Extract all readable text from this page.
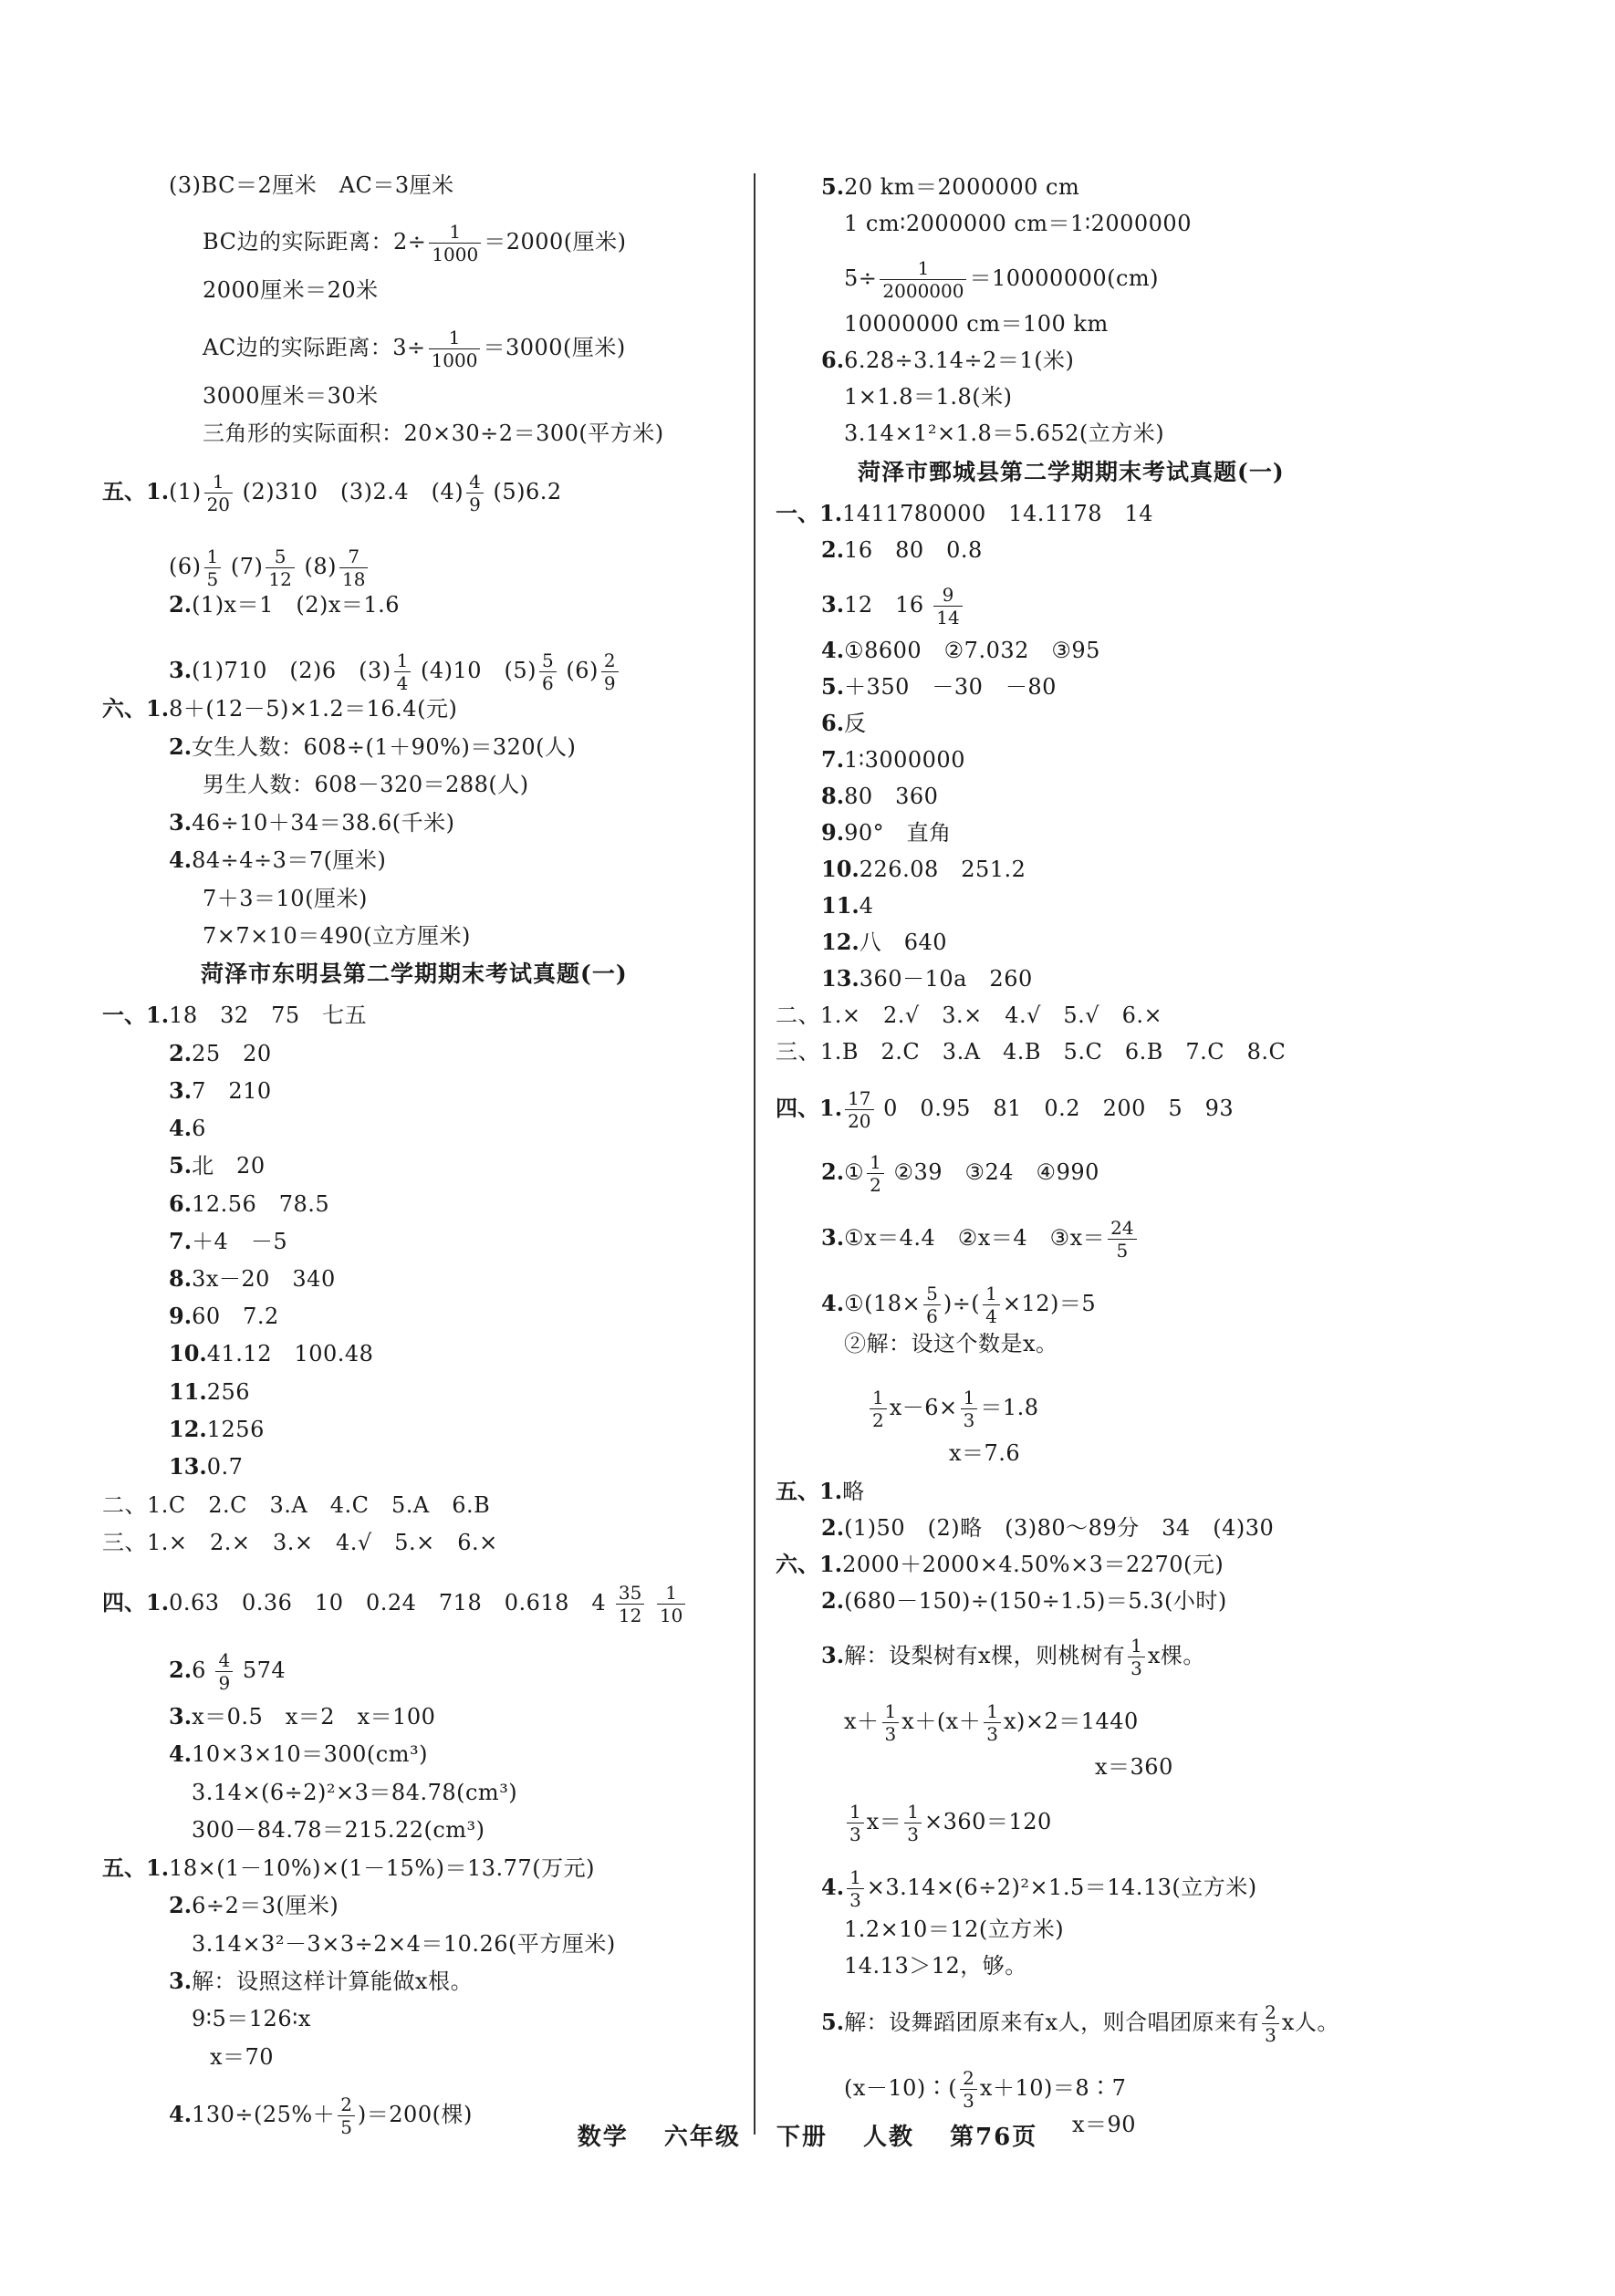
(3)BC＝2厘米　AC＝3厘米
BC边的实际距离：$2\div \frac{1}{1000} =2000$(厘米)
2000厘米＝20米
AC边的实际距离：$3\div \frac{1}{1000} =3000$(厘米)
3000厘米＝30米
三角形的实际面积：20×30÷2＝300(平方米)
五、$1.(1) \frac{1}{20} (2)310$　(3)2.4　$(4) \frac{4}{9} (5)6.2$
$(6) \frac{1}{5} (7) \frac{5}{12} (8) \frac{7}{18}$
2.(1)x＝1　(2)x＝1.6
3.(1)710　(2)6　$(3) \frac{1}{4} (4)10$　$(5) \frac{5}{6} (6) \frac{2}{9}$
六、1.8＋(12－5)×1.2＝16.4(元)
2.女生人数：608÷(1＋90%)＝320(人)
男生人数：608－320＝288(人)
3.46÷10＋34＝38.6(千米)
4.84÷4÷3＝7(厘米)
7＋3＝10(厘米)
7×7×10＝490(立方厘米)
菏泽市东明县第二学期期末考试真题(一)
一、1.18　32　75　七五
2.25　20
3.7　210
4.6
5.北　20
6.12.56　78.5
7.＋4　－5
8.3x－20　340
9.60　7.2
10.41.12　100.48
11.256
12.1256
13.0.7
二、1.C　2.C　3.A　4.C　5.A　6.B
三、1.×　2.×　3.×　4.√　5.×　6.×
四、1.0.63　0.36　10　0.24　718　0.618　$4 \frac{35}{12}$
$\frac{1}{10}$
$2.6 \frac{4}{9} 574$
3.x＝0.5　x＝2　x＝100
4.10×3×10＝300(cm³)
3.14×(6÷2)²×3＝84.78(cm³)
300－84.78＝215.22(cm³)
五、1.18×(1－10%)×(1－15%)＝13.77(万元)
2.6÷2＝3(厘米)
3.14×3²－3×3÷2×4＝10.26(平方厘米)
3.解：设照这样计算能做x根。
9∶5＝126∶x
x＝70
$4.130\div(25\%+ \frac{2}{5} )=200$(棵)
5.20 km＝2000000 cm
1 cm∶2000000 cm＝1∶2000000
$5\div \frac{1}{2000000} =10000000(cm)$
10000000 cm＝100 km
6.6.28÷3.14÷2＝1(米)
1×1.8＝1.8(米)
3.14×1²×1.8＝5.652(立方米)
菏泽市鄄城县第二学期期末考试真题(一)
一、1.1411780000　14.1178　14
2.16　80　0.8
3.12　$16 \frac{9}{14}$
4.①8600　②7.032　③95
5.＋350　－30　－80
6.反
7.1∶3000000
8.80　360
9.90°　直角
10.226.08　251.2
11.4
12.八　640
13.360－10a　260
二、1.×　2.√　3.×　4.√　5.√　6.×
三、1.B　2.C　3.A　4.B　5.C　6.B　7.C　8.C
四、1. $\frac{17}{20} 0$　0.95　81　0.2　200　5　93
2.① $\frac{1}{2}$ ②39　③24　④990
3.①x＝4.4　②x＝4　③x＝ $\frac{24}{5}$
4.①(18× $\frac{5}{6}$ )÷( $\frac{1}{4} \times 12)=5$
②解：设这个数是x。
$\frac{1}{2} x-6\times \frac{1}{3} =1.8$
x＝7.6
五、1.略
2.(1)50　(2)略　(3)80～89分　34　(4)30
六、1.2000＋2000×4.50%×3＝2270(元)
2.(680－150)÷(150÷1.5)＝5.3(小时)
3.解：设梨树有x棵，则桃树有 $\frac{1}{3}$ x棵。
$x+ \frac{1}{3} x+(x+ \frac{1}{3} x)\times 2=1440$
x＝360
$\frac{1}{3} x= \frac{1}{3} \times 360=120$
4. $\frac{1}{3} \times 3.14\times(6\div 2)^2\times 1.5=14.13$(立方米)
1.2×10＝12(立方米)
14.13＞12，够。
5.解：设舞蹈团原来有x人，则合唱团原来有 $\frac{2}{3}$ x人。
(x－10)∶( $\frac{2}{3}$ x＋10)＝8∶7
x＝90
数学 六年级 下册 人教 第76页
